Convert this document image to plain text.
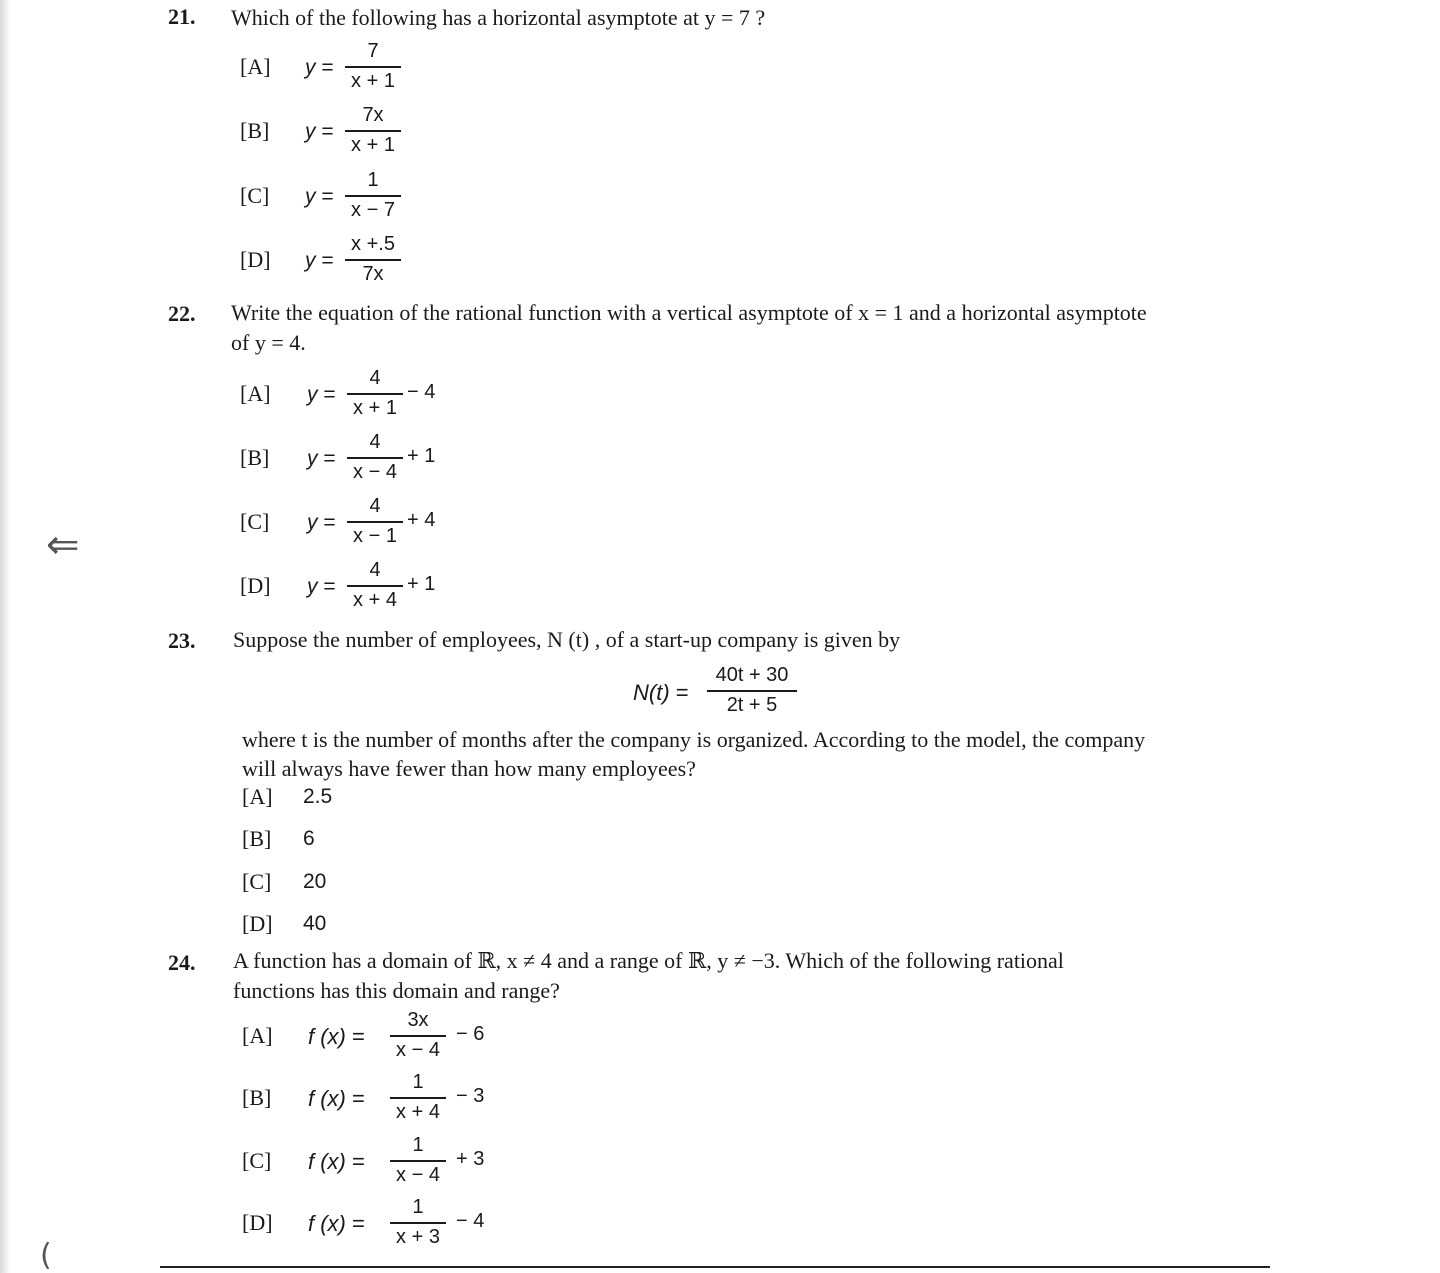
21. Which of the following has a horizontal asymptote at y = 7 ?
[A] y =
7
x + 1
[B] y =
7x
x + 1
[C] y =
1
x − 7
[D] y =
x +.5
7x
22. Write the equation of the rational function with a vertical asymptote of x = 1 and a horizontal asymptote
of y = 4.
[A] y =
4
x + 1
− 4
[B] y =
4
x − 4
+ 1
[C] y =
4
x − 1
+ 4
[D] y =
4
x + 4
+ 1
⇐
(
23. Suppose the number of employees, N (t) , of a start-up company is given by
N(t) =
40t + 30
2t + 5
where t is the number of months after the company is organized. According to the model, the company
will always have fewer than how many employees?
[A] 2.5
[B] 6
[C] 20
[D] 40
24. A function has a domain of ℝ, x ≠ 4 and a range of ℝ, y ≠ −3. Which of the following rational
functions has this domain and range?
[A] f (x) =
3x
x − 4
− 6
[B] f (x) =
1
x + 4
− 3
[C] f (x) =
1
x − 4
+ 3
[D] f (x) =
1
x + 3
− 4
